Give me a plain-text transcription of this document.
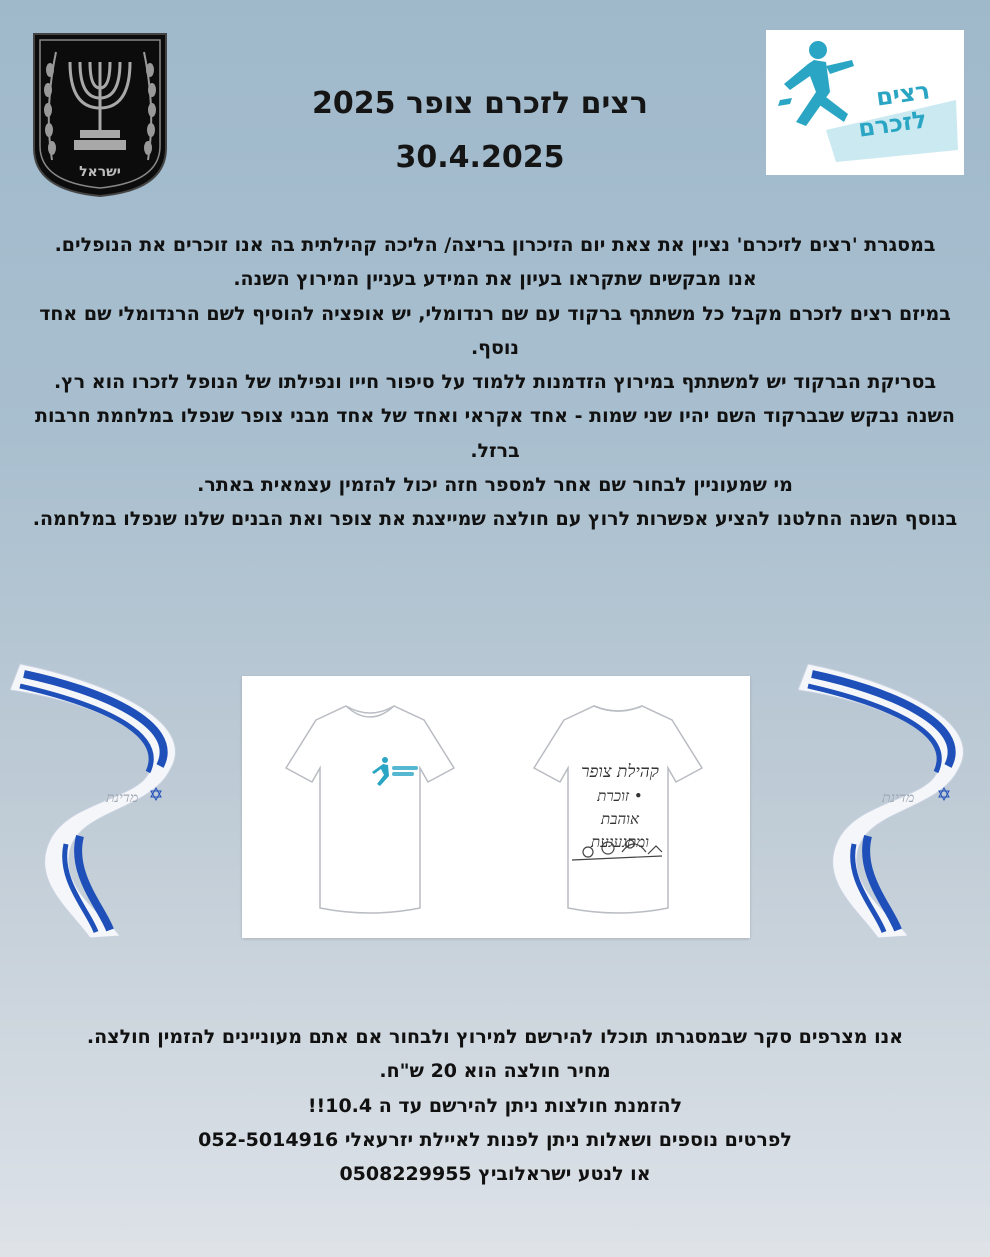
ישראל
רצים
לזכרם
רצים לזכרם צופר 2025
30.4.2025

במסגרת 'רצים לזיכרם' נציין את צאת יום הזיכרון בריצה/ הליכה קהילתית בה אנו זוכרים את הנופלים.

אנו מבקשים שתקראו בעיון את המידע בעניין המירוץ השנה.

במיזם רצים לזכרם מקבל כל משתתף ברקוד עם שם רנדומלי, יש אופציה להוסיף לשם הרנדומלי שם אחד נוסף.

בסריקת הברקוד יש למשתתף במירוץ הזדמנות ללמוד על סיפור חייו ונפילתו של הנופל לזכרו הוא רץ.

השנה נבקש שבברקוד השם יהיו שני שמות - אחד אקראי ואחד של אחד מבני צופר שנפלו במלחמת חרבות ברזל.

מי שמעוניין לבחור שם אחר למספר חזה יכול להזמין עצמאית באתר.

בנוסף השנה החלטנו להציע אפשרות לרוץ עם חולצה שמייצגת את צופר ואת הבנים שלנו שנפלו במלחמה.

מדינת	מדינת
קהילת צופר
• זוכרת
אוהבת
ומתגעגעת

אנו מצרפים סקר שבמסגרתו תוכלו להירשם למירוץ ולבחור אם אתם מעוניינים להזמין חולצה.

מחיר חולצה הוא 20 ש"ח.

להזמנת חולצות ניתן להירשם עד ה 10.4!!

לפרטים נוספים ושאלות ניתן לפנות לאיילת יזרעאלי 052-5014916

או לנטע ישראלוביץ 0508229955
